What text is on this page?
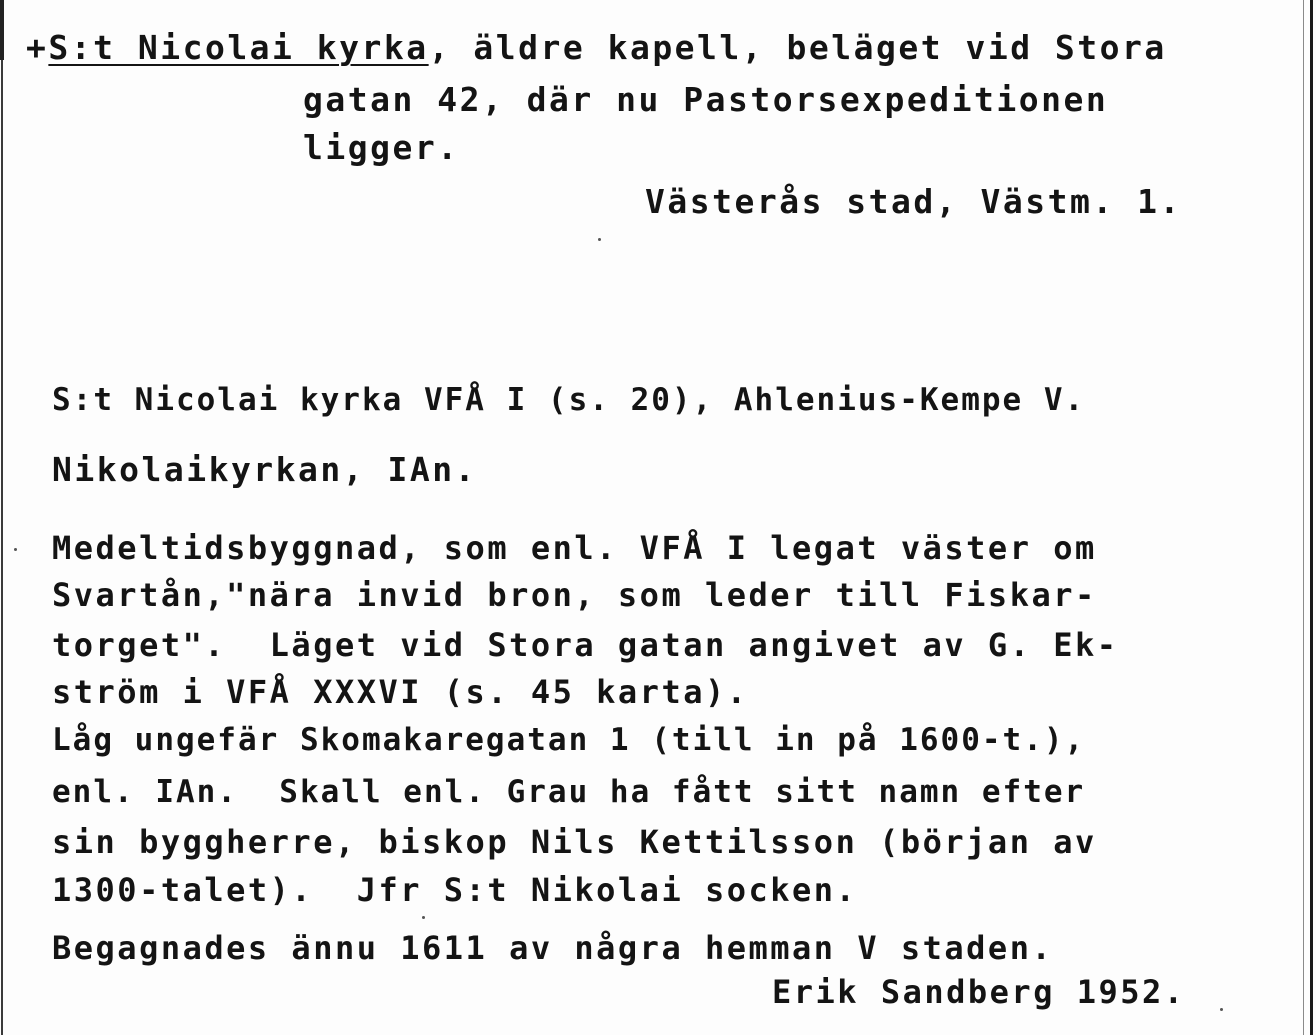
+S:t Nicolai kyrka, äldre kapell, beläget vid Stora
gatan 42, där nu Pastorsexpeditionen
ligger.
Västerås stad, Västm. 1.
S:t Nicolai kyrka VFÅ I (s. 20), Ahlenius-Kempe V.
Nikolaikyrkan, IAn.
Medeltidsbyggnad, som enl. VFÅ I legat väster om
Svartån,"nära invid bron, som leder till Fiskar-
torget".  Läget vid Stora gatan angivet av G. Ek-
ström i VFÅ XXXVI (s. 45 karta).
Låg ungefär Skomakaregatan 1 (till in på 1600-t.),
enl. IAn.  Skall enl. Grau ha fått sitt namn efter
sin byggherre, biskop Nils Kettilsson (början av
1300-talet).  Jfr S:t Nikolai socken.
Begagnades ännu 1611 av några hemman V staden.
Erik Sandberg 1952.
